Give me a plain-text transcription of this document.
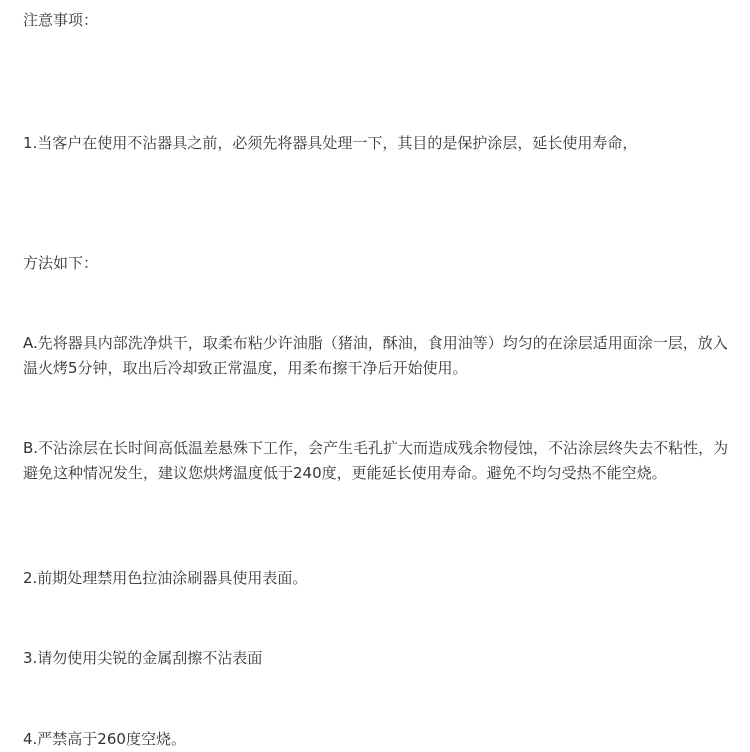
注意事项：

1.当客户在使用不沾器具之前，必须先将器具处理一下，其目的是保护涂层，延长使用寿命，

方法如下：

A.先将器具内部洗净烘干，取柔布粘少许油脂（猪油，酥油，食用油等）均匀的在涂层适用面涂一层，放入温火烤5分钟，取出后冷却致正常温度，用柔布擦干净后开始使用。

B.不沾涂层在长时间高低温差悬殊下工作，会产生毛孔扩大而造成残余物侵蚀，不沾涂层终失去不粘性，为避免这种情况发生，建议您烘烤温度低于240度，更能延长使用寿命。避免不均匀受热不能空烧。

2.前期处理禁用色拉油涂刷器具使用表面。

3.请勿使用尖锐的金属刮擦不沾表面

4.严禁高于260度空烧。
